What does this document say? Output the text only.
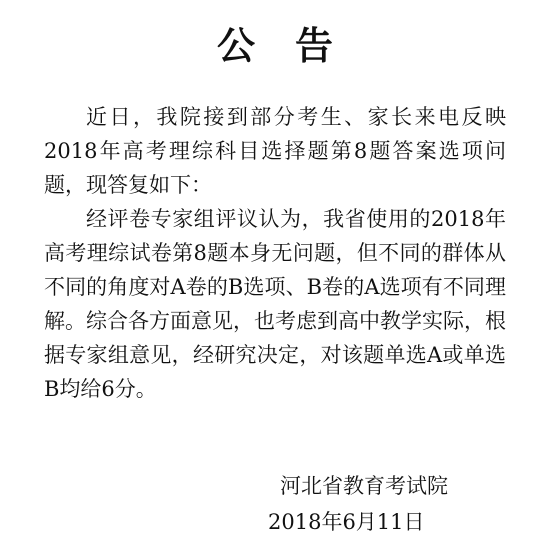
公告

近日，我院接到部分考生、家长来电反映2018年高考理综科目选择题第8题答案选项问题，现答复如下：

经评卷专家组评议认为，我省使用的2018年高考理综试卷第8题本身无问题，但不同的群体从不同的角度对A卷的B选项、B卷的A选项有不同理解。综合各方面意见，也考虑到高中教学实际，根据专家组意见，经研究决定，对该题单选A或单选B均给6分。

河北省教育考试院
2018年6月11日
